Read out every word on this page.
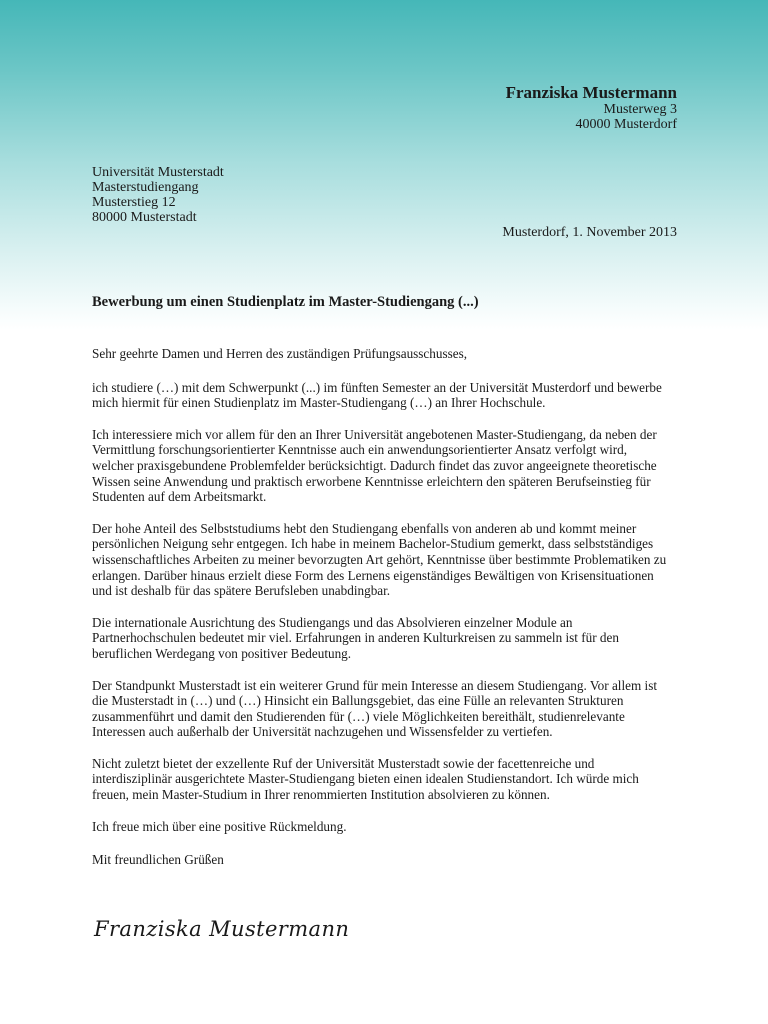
Franziska Mustermann
Musterweg 3
40000 Musterdorf
Universität Musterstadt
Masterstudiengang
Musterstieg 12
80000 Musterstadt
Musterdorf, 1. November 2013
Bewerbung um einen Studienplatz im Master-Studiengang (...)

Sehr geehrte Damen und Herren des zuständigen Prüfungsausschusses,

ich studiere (…) mit dem Schwerpunkt (...) im fünften Semester an der Universität Musterdorf und bewerbe mich hiermit für einen Studienplatz im Master-Studiengang (…) an Ihrer Hochschule.

Ich interessiere mich vor allem für den an Ihrer Universität angebotenen Master-Studiengang, da neben der Vermittlung forschungsorientierter Kenntnisse auch ein anwendungsorientierter Ansatz verfolgt wird, welcher praxisgebundene Problemfelder berücksichtigt. Dadurch findet das zuvor angeeignete theoretische Wissen seine Anwendung und praktisch erworbene Kenntnisse erleichtern den späteren Berufseinstieg für Studenten auf dem Arbeitsmarkt.

Der hohe Anteil des Selbststudiums hebt den Studiengang ebenfalls von anderen ab und kommt meiner persönlichen Neigung sehr entgegen. Ich habe in meinem Bachelor-Studium gemerkt, dass selbstständiges wissenschaftliches Arbeiten zu meiner bevorzugten Art gehört, Kenntnisse über bestimmte Problematiken zu erlangen. Darüber hinaus erzielt diese Form des Lernens eigenständiges Bewältigen von Krisensituationen und ist deshalb für das spätere Berufsleben unabdingbar.

Die internationale Ausrichtung des Studiengangs und das Absolvieren einzelner Module an Partnerhochschulen bedeutet mir viel. Erfahrungen in anderen Kulturkreisen zu sammeln ist für den beruflichen Werdegang von positiver Bedeutung.

Der Standpunkt Musterstadt ist ein weiterer Grund für mein Interesse an diesem Studiengang. Vor allem ist die Musterstadt in (…) und (…) Hinsicht ein Ballungsgebiet, das eine Fülle an relevanten Strukturen zusammenführt und damit den Studierenden für (…) viele Möglichkeiten bereithält, studienrelevante Interessen auch außerhalb der Universität nachzugehen und Wissensfelder zu vertiefen.

Nicht zuletzt bietet der exzellente Ruf der Universität Musterstadt sowie der facettenreiche und interdisziplinär ausgerichtete Master-Studiengang bieten einen idealen Studienstandort. Ich würde mich freuen, mein Master-Studium in Ihrer renommierten Institution absolvieren zu können.

Ich freue mich über eine positive Rückmeldung.

Mit freundlichen Grüßen

Franziska Mustermann
